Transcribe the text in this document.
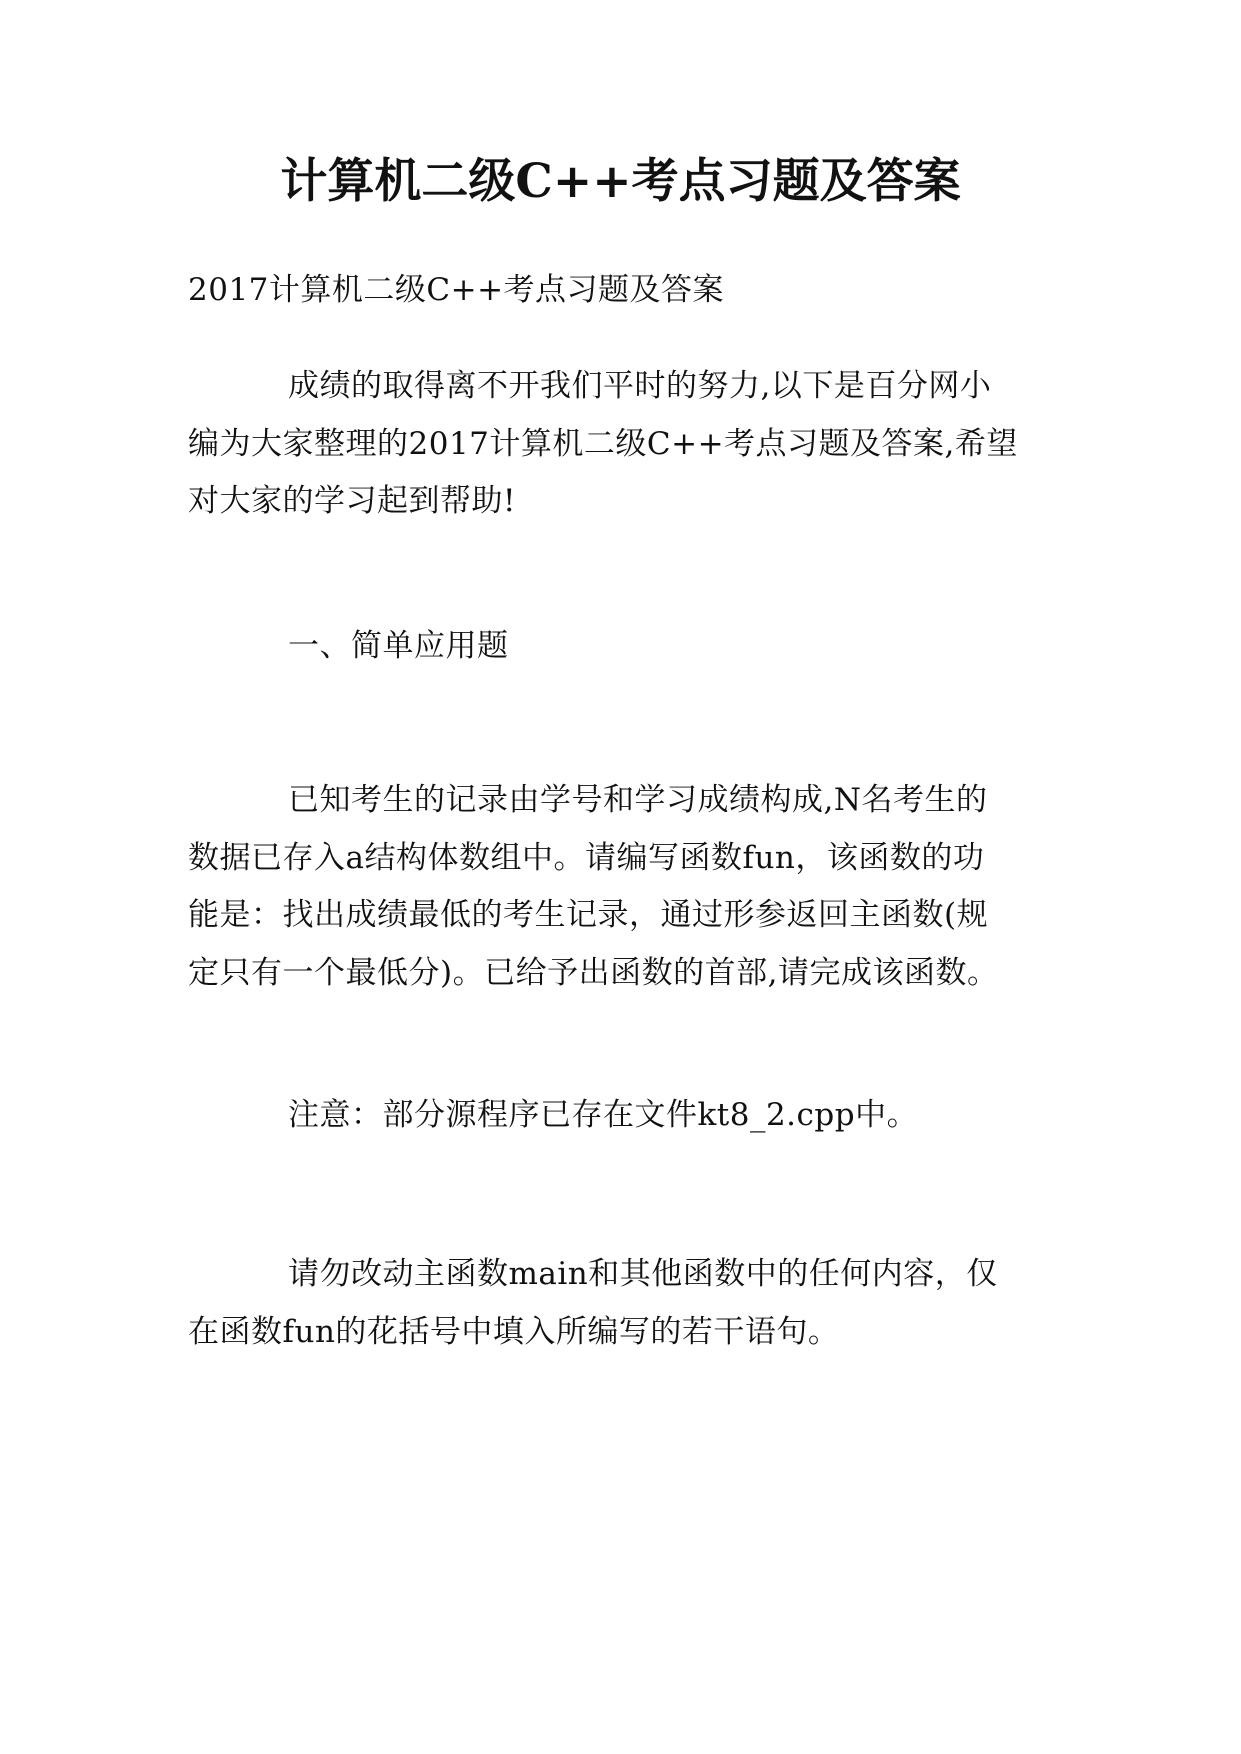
计算机二级C++考点习题及答案

2017计算机二级C++考点习题及答案

成绩的取得离不开我们平时的努力,以下是百分网小
编为大家整理的2017计算机二级C++考点习题及答案,希望
对大家的学习起到帮助!

一、简单应用题

已知考生的记录由学号和学习成绩构成,N名考生的
数据已存入a结构体数组中。请编写函数fun，该函数的功
能是：找出成绩最低的考生记录，通过形参返回主函数(规
定只有一个最低分)。已给予出函数的首部,请完成该函数。

注意：部分源程序已存在文件kt8_2.cpp中。

请勿改动主函数main和其他函数中的任何内容，仅
在函数fun的花括号中填入所编写的若干语句。
